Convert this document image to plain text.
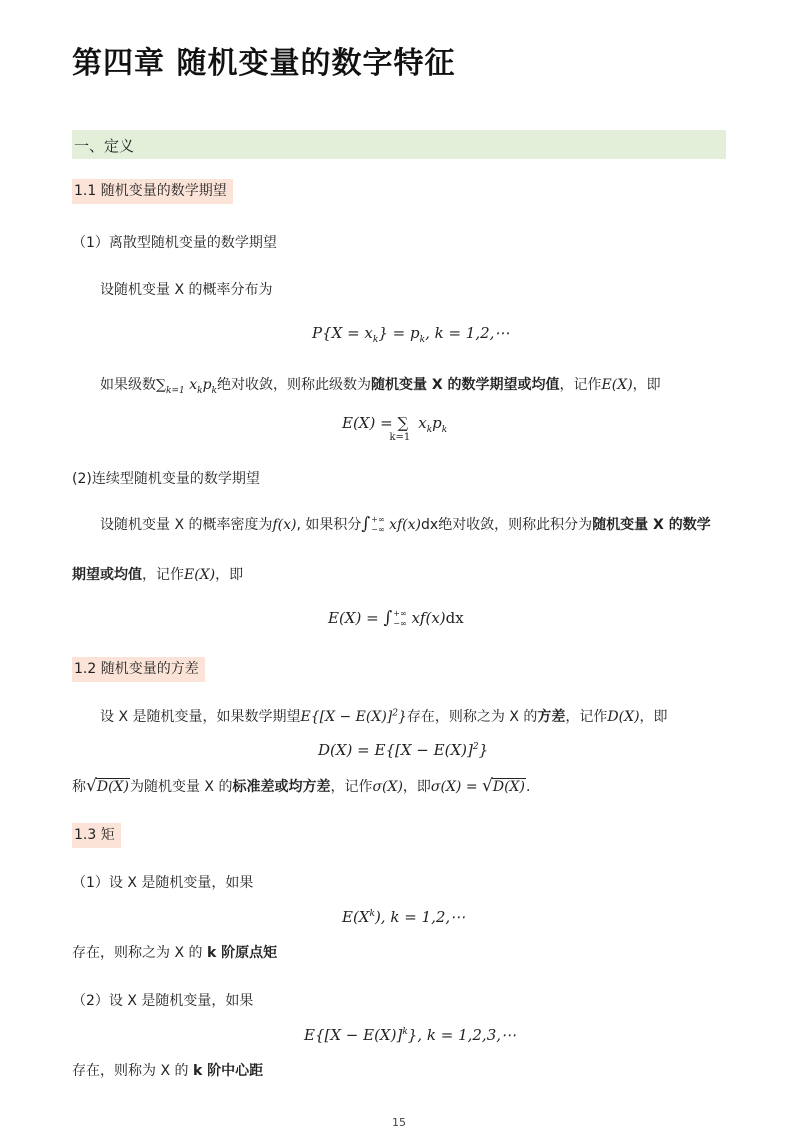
第四章 随机变量的数字特征
一、定义
1.1 随机变量的数学期望
（1）离散型随机变量的数学期望
设随机变量 X 的概率分布为
$P\{X = x_k\} = p_k$, k = 1,2,⋯
如果级数$\sum_{k=1}$ $x_kp_k$绝对收敛，则称此级数为随机变量 X 的数学期望或均值，记作E(X)，即
E(X) = ∑
k=1
$x_kp_k$
(2)连续型随机变量的数学期望
设随机变量 X 的概率密度为f(x), 如果积分∫+∞
−∞ xf(x)dx绝对收敛，则称此积分为随机变量 X 的数学
期望或均值，记作E(X)，即
E(X) = ∫+∞
−∞ xf(x)dx
1.2 随机变量的方差
设 X 是随机变量，如果数学期望$E\{[X - E(X)]^2\}$存在，则称之为 X 的方差，记作D(X)，即
$D(X) = E\{[X - E(X)]^2\}$
称√D(X)为随机变量 X 的标准差或均方差，记作σ(X)，即σ(X) = √D(X).
1.3 矩
（1）设 X 是随机变量，如果
$E(X^k)$, k = 1,2,⋯
存在，则称之为 X 的 k 阶原点矩
（2）设 X 是随机变量，如果
$E\{[X - E(X)]^k\}$, k = 1,2,3,⋯
存在，则称为 X 的 k 阶中心距
15
